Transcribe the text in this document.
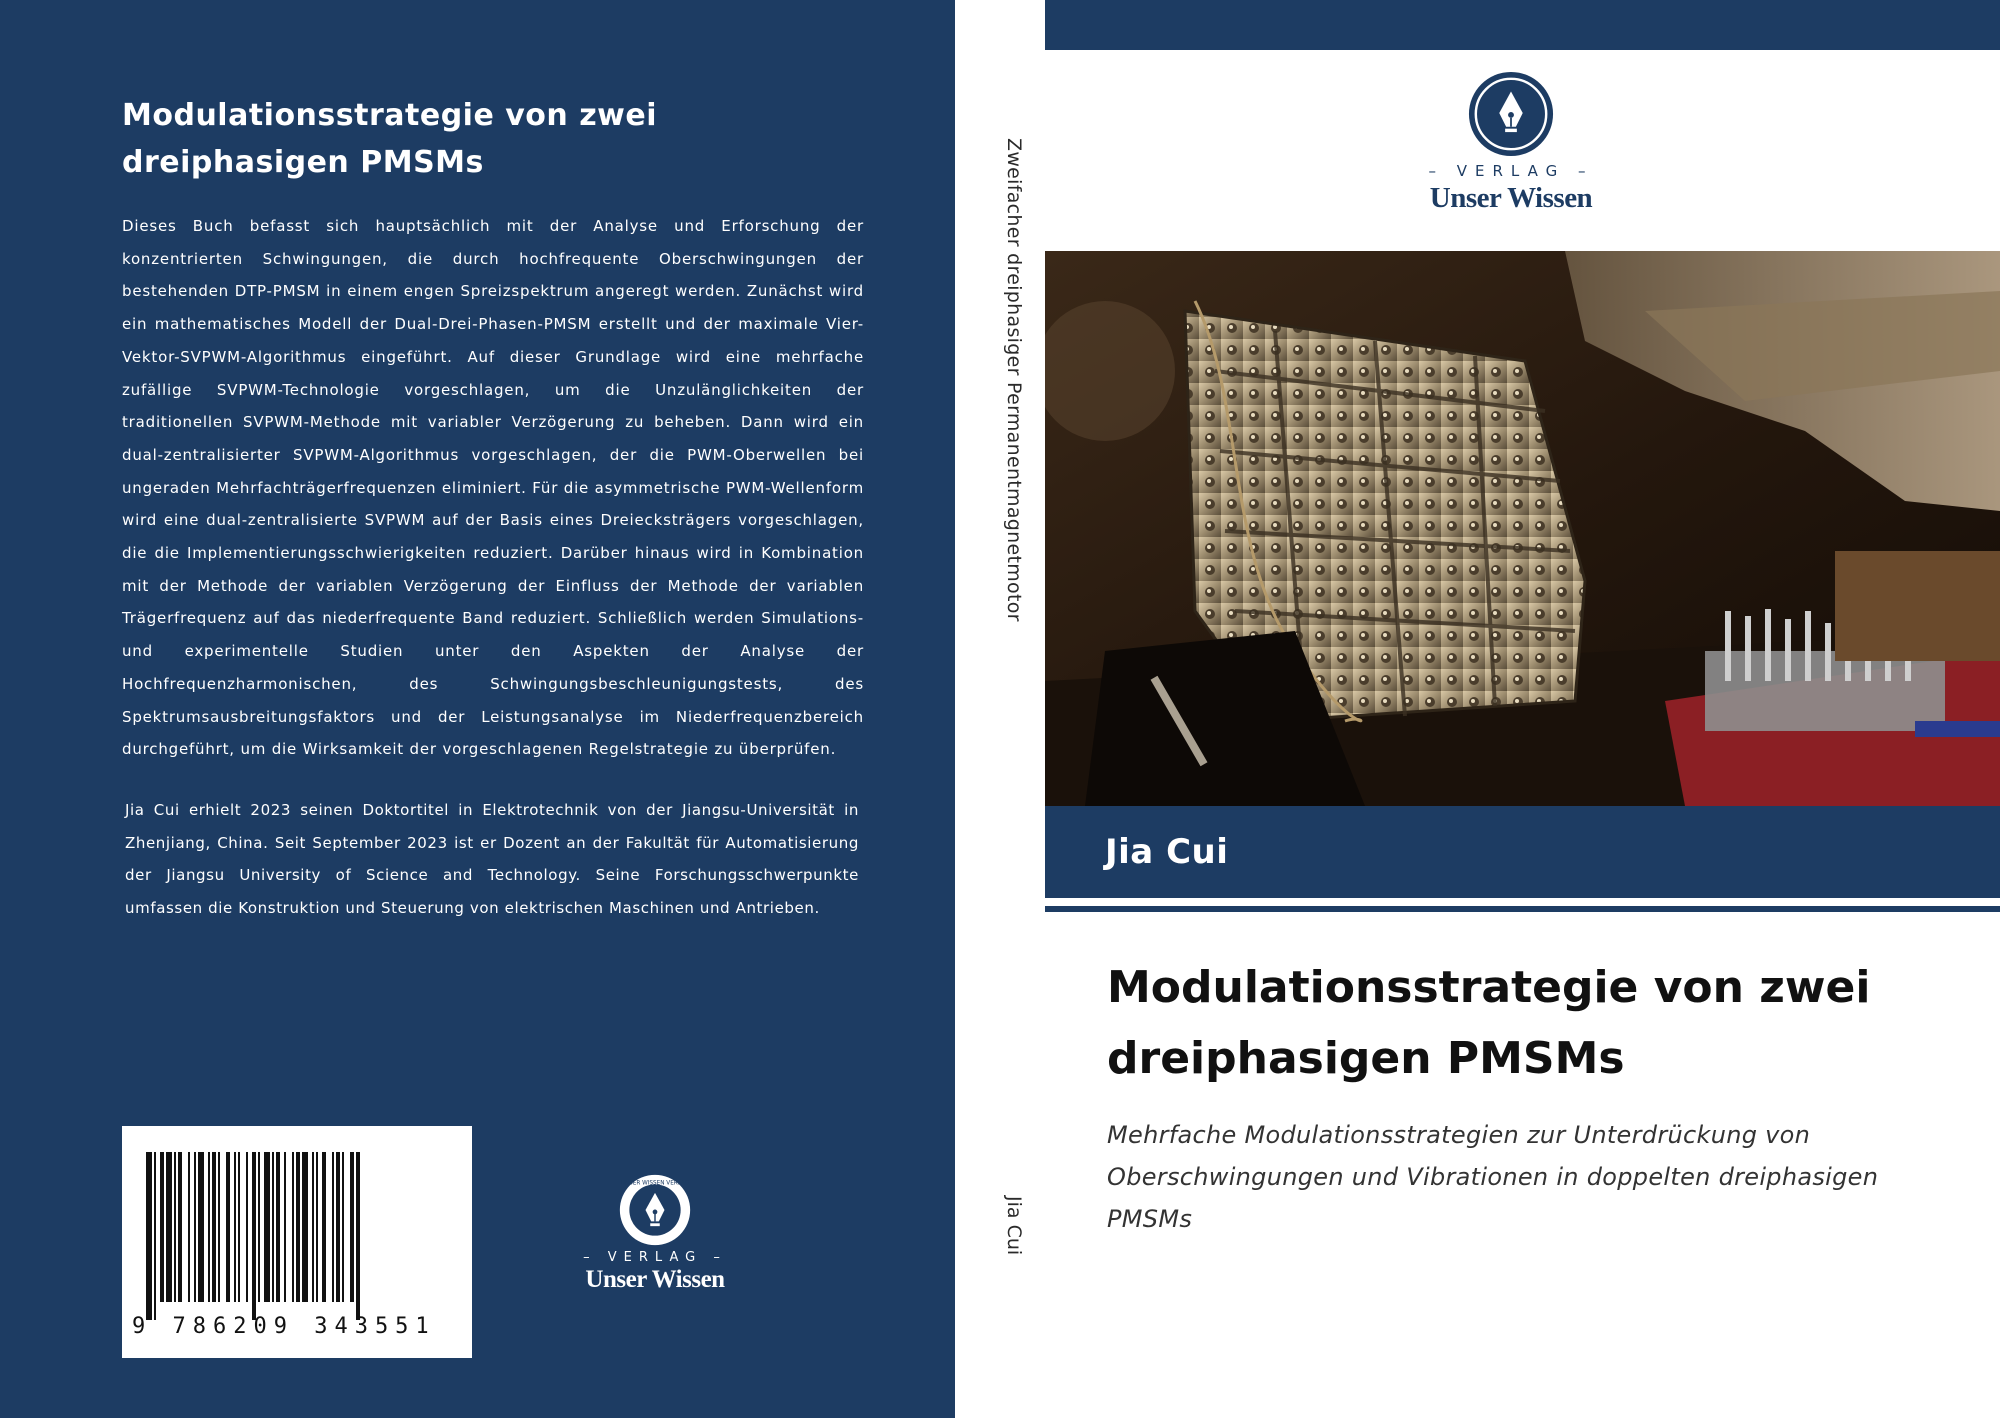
Modulationsstrategie von zwei dreiphasigen PMSMs

Dieses Buch befasst sich hauptsächlich mit der Analyse und Erforschung der konzentrierten Schwingungen, die durch hochfrequente Oberschwingungen der bestehenden DTP-PMSM in einem engen Spreizspektrum angeregt werden. Zunächst wird ein mathematisches Modell der Dual-Drei-Phasen-PMSM erstellt und der maximale Vier-Vektor-SVPWM-Algorithmus eingeführt. Auf dieser Grundlage wird eine mehrfache zufällige SVPWM-Technologie vorgeschlagen, um die Unzulänglichkeiten der traditionellen SVPWM-Methode mit variabler Verzögerung zu beheben. Dann wird ein dual-zentralisierter SVPWM-Algorithmus vorgeschlagen, der die PWM-Oberwellen bei ungeraden Mehrfachträgerfrequenzen eliminiert. Für die asymmetrische PWM-Wellenform wird eine dual-zentralisierte SVPWM auf der Basis eines Dreiecksträgers vorgeschlagen, die die Implementierungsschwierigkeiten reduziert. Darüber hinaus wird in Kombination mit der Methode der variablen Verzögerung der Einfluss der Methode der variablen Trägerfrequenz auf das niederfrequente Band reduziert. Schließlich werden Simulations- und experimentelle Studien unter den Aspekten der Analyse der Hochfrequenzharmonischen, des Schwingungsbeschleunigungstests, des Spektrumsausbreitungsfaktors und der Leistungsanalyse im Niederfrequenzbereich durchgeführt, um die Wirksamkeit der vorgeschlagenen Regelstrategie zu überprüfen.

Jia Cui erhielt 2023 seinen Doktortitel in Elektrotechnik von der Jiangsu-Universität in Zhenjiang, China. Seit September 2023 ist er Dozent an der Fakultät für Automatisierung der Jiangsu University of Science and Technology. Seine Forschungsschwerpunkte umfassen die Konstruktion und Steuerung von elektrischen Maschinen und Antrieben.

9 786209 343551
UNSER WISSEN VERLAG
– VERLAG –
Unser Wissen
Zweifacher dreiphasiger Permanentmagnetmotor
Jia Cui
– VERLAG –
Unser Wissen
Jia Cui
Modulationsstrategie von zwei dreiphasigen PMSMs

Mehrfache Modulationsstrategien zur Unterdrückung von Oberschwingungen und Vibrationen in doppelten dreiphasigen PMSMs
